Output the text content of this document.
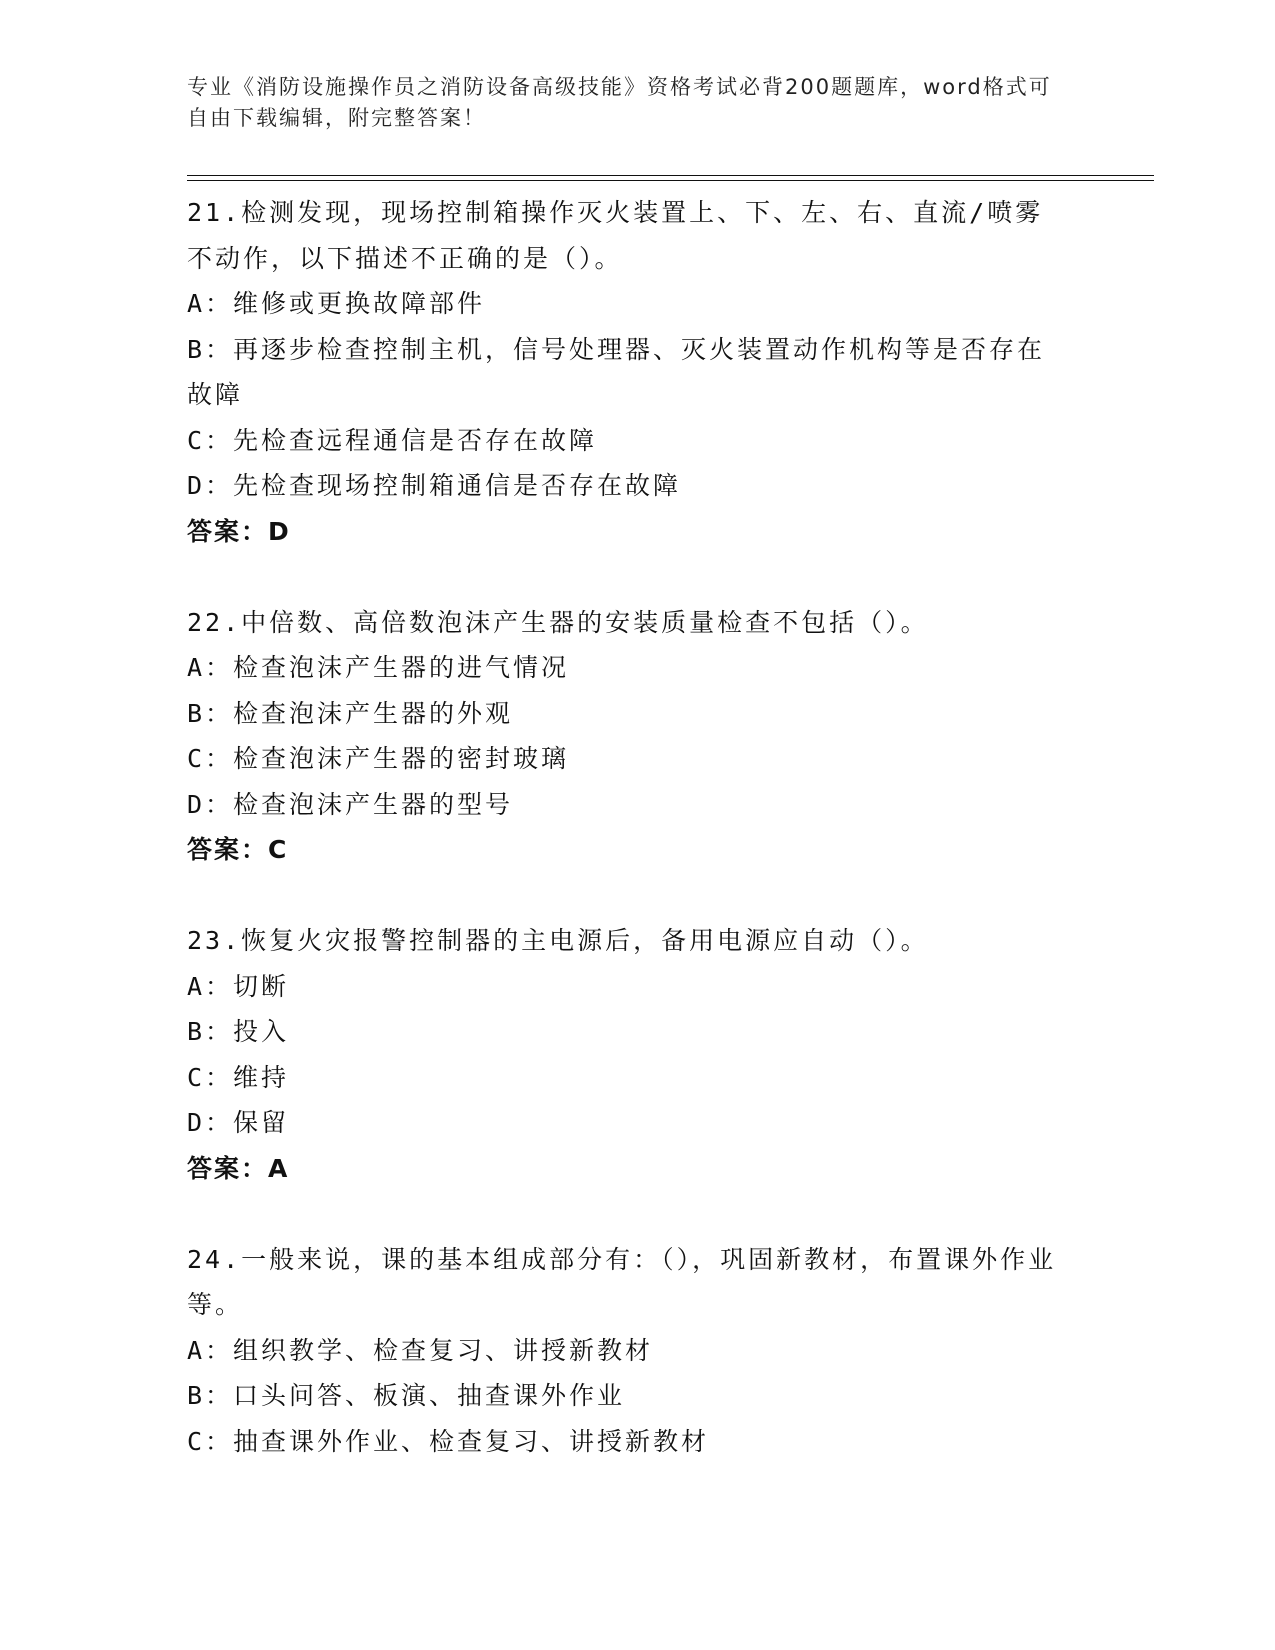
专业《消防设施操作员之消防设备高级技能》资格考试必背200题题库，word格式可自由下载编辑，附完整答案！
21.检测发现，现场控制箱操作灭火装置上、下、左、右、直流/喷雾不动作，以下描述不正确的是（）。
A：维修或更换故障部件
B：再逐步检查控制主机，信号处理器、灭火装置动作机构等是否存在故障
C：先检查远程通信是否存在故障
D：先检查现场控制箱通信是否存在故障
答案：D
22.中倍数、高倍数泡沫产生器的安装质量检查不包括（）。
A：检查泡沫产生器的进气情况
B：检查泡沫产生器的外观
C：检查泡沫产生器的密封玻璃
D：检查泡沫产生器的型号
答案：C
23.恢复火灾报警控制器的主电源后，备用电源应自动（）。
A：切断
B：投入
C：维持
D：保留
答案：A
24.一般来说，课的基本组成部分有：（），巩固新教材，布置课外作业等。
A：组织教学、检查复习、讲授新教材
B：口头问答、板演、抽查课外作业
C：抽查课外作业、检查复习、讲授新教材
